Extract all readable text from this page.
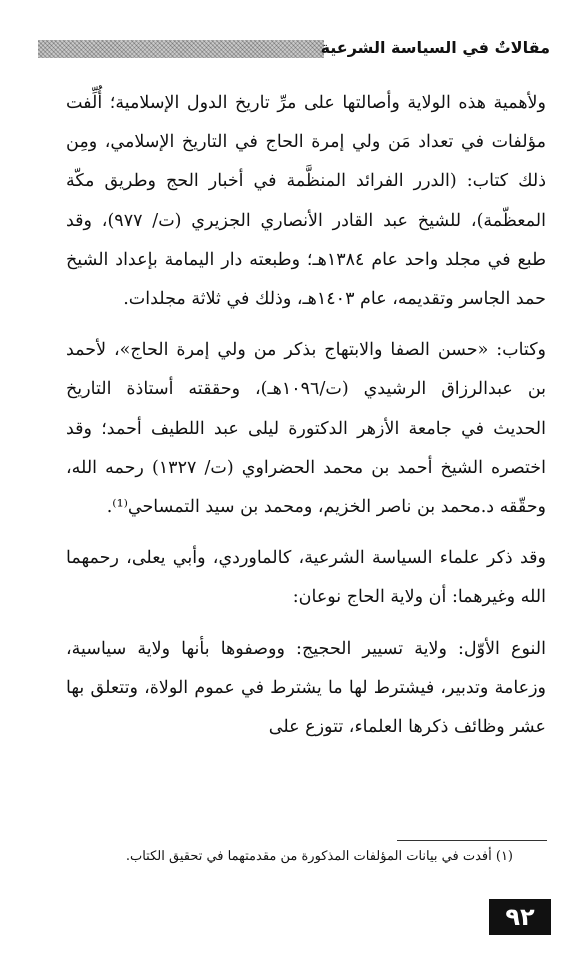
مقالاتٌ في السياسة الشرعية

ولأهمية هذه الولاية وأصالتها على مرِّ تاريخ الدول الإسلامية؛ أُلِّفت مؤلفات في تعداد مَن ولي إمرة الحاج في التاريخ الإسلامي، ومِن ذلك كتاب: (الدرر الفرائد المنظَّمة في أخبار الحج وطريق مكّة المعظّمة)، للشيخ عبد القادر الأنصاري الجزيري (ت/ ٩٧٧)، وقد طبع في مجلد واحد عام ١٣٨٤هـ؛ وطبعته دار اليمامة بإعداد الشيخ حمد الجاسر وتقديمه، عام ١٤٠٣هـ، وذلك في ثلاثة مجلدات.

وكتاب: «حسن الصفا والابتهاج بذكر من ولي إمرة الحاج»، لأحمد بن عبدالرزاق الرشيدي (ت/١٠٩٦هـ)، وحققته أستاذة التاريخ الحديث في جامعة الأزهر الدكتورة ليلى عبد اللطيف أحمد؛ وقد اختصره الشيخ أحمد بن محمد الحضراوي (ت/ ١٣٢٧) رحمه الله، وحقّقه د.محمد بن ناصر الخزيم، ومحمد بن سيد التمساحي⁽¹⁾.

وقد ذكر علماء السياسة الشرعية، كالماوردي، وأبي يعلى، رحمهما الله وغيرهما: أن ولاية الحاج نوعان:

النوع الأوّل: ولاية تسيير الحجيج: ووصفوها بأنها ولاية سياسية، وزعامة وتدبير، فيشترط لها ما يشترط في عموم الولاة، وتتعلق بها عشر وظائف ذكرها العلماء، تتوزع على

(١) أفدت في بيانات المؤلفات المذكورة من مقدمتهما في تحقيق الكتاب.
٩٢
